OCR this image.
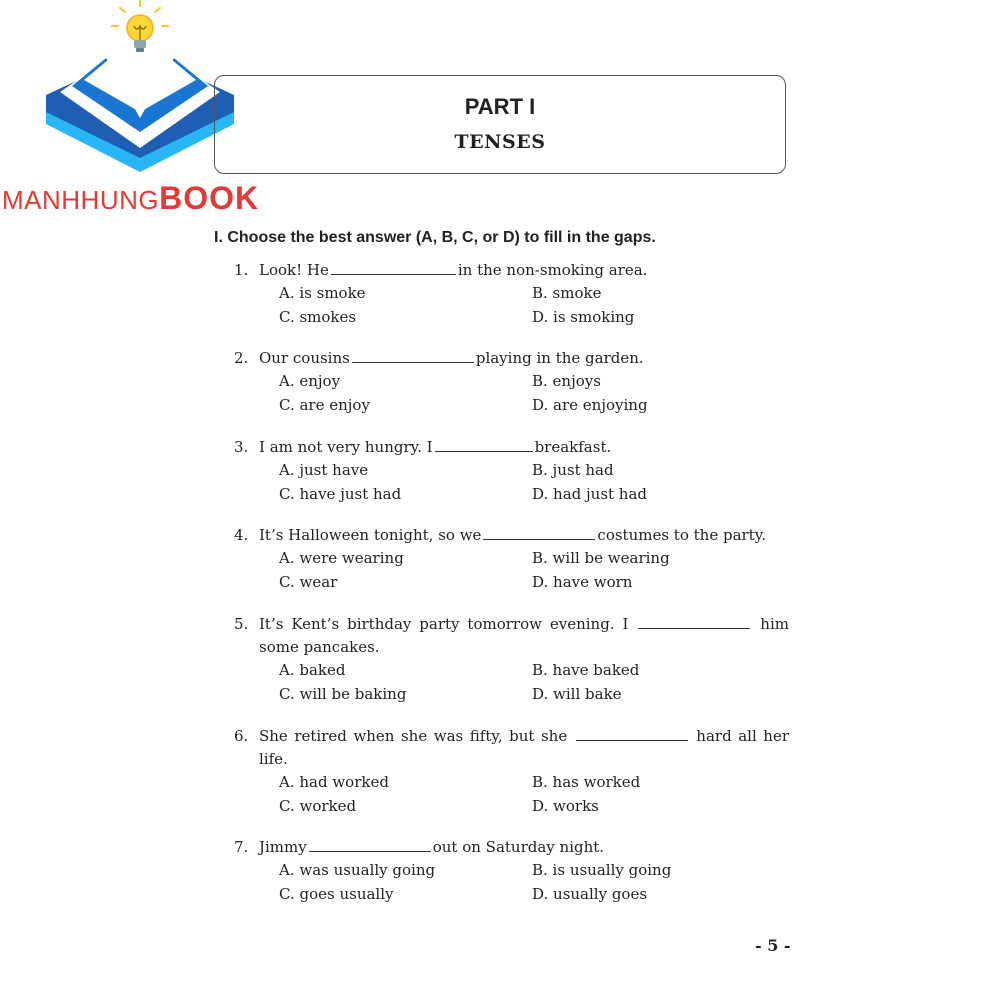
MANHHUNGBOOK
PART I
TENSES
I. Choose the best answer (A, B, C, or D) to fill in the gaps.
1. Look! He	in the non-smoking area.
A. is smoke	B. smoke
C. smokes	D. is smoking
2. Our cousins	playing in the garden.
A. enjoy	B. enjoys
C. are enjoy	D. are enjoying
3. I am not very hungry. I	breakfast.
A. just have	B. just had
C. have just had	D. had just had
4. It’s Halloween tonight, so we	costumes to the party.
A. were wearing	B. will be wearing
C. wear	D. have worn
5. It’s Kent’s birthday party tomorrow evening. I	him
some pancakes.
A. baked	B. have baked
C. will be baking	D. will bake
6. She retired when she was fifty, but she	hard all her
life.
A. had worked	B. has worked
C. worked	D. works
7. Jimmy	out on Saturday night.
A. was usually going	B. is usually going
C. goes usually	D. usually goes
- 5 -
